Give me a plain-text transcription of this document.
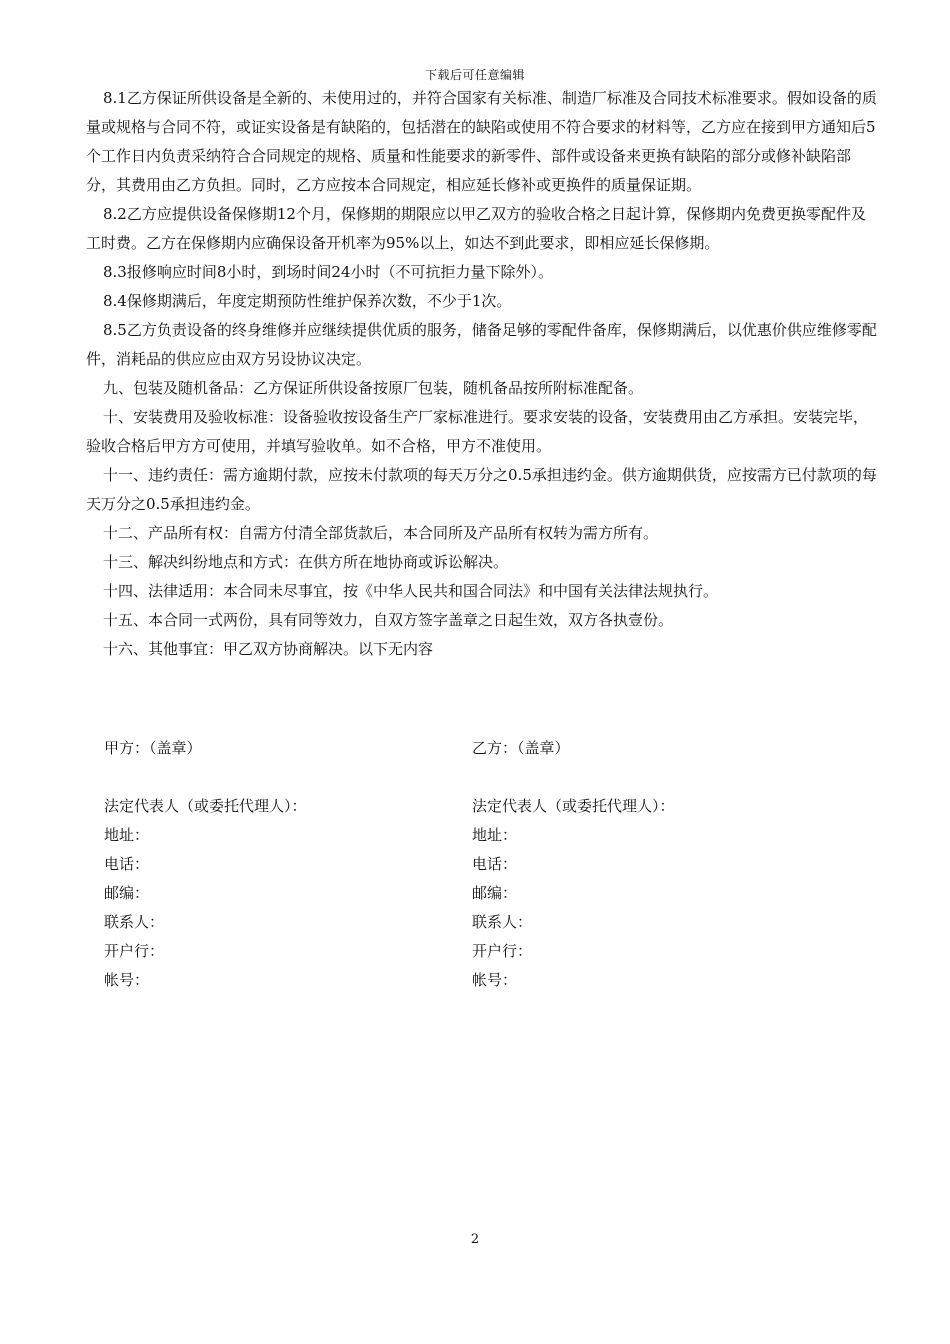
下载后可任意编辑

8.1乙方保证所供设备是全新的、未使用过的，并符合国家有关标准、制造厂标准及合同技术标准要求。假如设备的质量或规格与合同不符，或证实设备是有缺陷的，包括潜在的缺陷或使用不符合要求的材料等，乙方应在接到甲方通知后5个工作日内负责采纳符合合同规定的规格、质量和性能要求的新零件、部件或设备来更换有缺陷的部分或修补缺陷部分，其费用由乙方负担。同时，乙方应按本合同规定，相应延长修补或更换件的质量保证期。

8.2乙方应提供设备保修期12个月，保修期的期限应以甲乙双方的验收合格之日起计算，保修期内免费更换零配件及工时费。乙方在保修期内应确保设备开机率为95%以上，如达不到此要求，即相应延长保修期。

8.3报修响应时间8小时，到场时间24小时（不可抗拒力量下除外）。

8.4保修期满后，年度定期预防性维护保养次数，不少于1次。

8.5乙方负责设备的终身维修并应继续提供优质的服务，储备足够的零配件备库，保修期满后，以优惠价供应维修零配件，消耗品的供应应由双方另设协议决定。

九、包装及随机备品：乙方保证所供设备按原厂包装，随机备品按所附标准配备。

十、安装费用及验收标准：设备验收按设备生产厂家标准进行。要求安装的设备，安装费用由乙方承担。安装完毕，验收合格后甲方方可使用，并填写验收单。如不合格，甲方不准使用。

十一、违约责任：需方逾期付款，应按未付款项的每天万分之0.5承担违约金。供方逾期供货，应按需方已付款项的每天万分之0.5承担违约金。

十二、产品所有权：自需方付清全部货款后，本合同所及产品所有权转为需方所有。

十三、解决纠纷地点和方式：在供方所在地协商或诉讼解决。

十四、法律适用：本合同未尽事宜，按《中华人民共和国合同法》和中国有关法律法规执行。

十五、本合同一式两份，具有同等效力，自双方签字盖章之日起生效，双方各执壹份。

十六、其他事宜：甲乙双方协商解决。以下无内容

甲方：（盖章）	乙方：（盖章）
法定代表人（或委托代理人）：	法定代表人（或委托代理人）：
地址：	地址：
电话：	电话：
邮编：	邮编：
联系人：	联系人：
开户行：	开户行：
帐号：	帐号：
2
